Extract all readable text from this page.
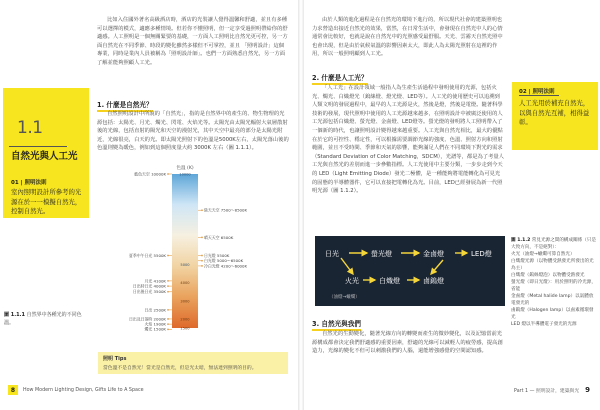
比如入住國外著名高級酒店時，酒店的光裝讓人覺得溫馨和舒適，並且有多種可以選擇的模式，適應多種情境。但若你不懂照明，但一定享受過照明帶給你的舒適感。人工照明是一個無關緊要的基礎，一方面人工照明比自然光更可控，另一方面自然光在不同季節、時段的變化雖然多樣但不可掌控，並且 「照明設計」這個專業，同時是業內人員被稱為「照明設計師」。也們一方面熟悉自然光，另一方面了解並能夠照顧人工光。

1.1
自然光與人工光
01 | 照明法則
室內照明設計所參考的光源在於一一模擬自然光，控制自然光。
1. 什麼是自然光？

自然照明設計中所說的「自然光」，指的是自然界中的產生的、物生物理的光源包括：太陽光、月光、燭光、閃電、火焰光等。太陽光由太陽光輻射大氣層散射後的光線，包括直射的陽光和天空的漫射光，其中天空中最亮的部分是太陽光附近，光線很亮，白天的光。即太陽光照射下的色溫是5000K左右，太陽光落山後的色溫則變為暖色，例如到這個照度量大約 3000K 左右（圖 1.1.1）。

色溫 (K)
10000
5000
4000
3000
2000
1500
藍色天空 10000K
夏季中午日光 5500K
月光 4100K
日出時日光 4000K
日出後日光 3500K
日出 2500K
日出及日落時 2000K
火焰 1900K
燭光 1500K
陰天天空 7500～8500K
晴天天空 6500K
日光燈 5500K
白光燈 5000～6500K
冷白光燈 4200～6000K
圖 1.1.1 自然界中各種光的不同色溫。
照明 Tips
當色溫不是自然光！當光是自然光，但是光太暗，無法達到照明的目的。
8	How Modern Lighting Design, Gifts Life to A Space

由於人類的進化過程是在自然光的環境下進行的，所以現代社會的建築照明也力求營造出接近自然光的效果，當然，在日常生活中，會發現在自然光中人的心情通常會比較好，也就是說在自然光中的光照感受最舒服。天光、雲霧天自然光照中也會出現，但是由於氣候氣溫的影響因素太大，即此人為太陽光照射在這裡的作用，所以一般照明顧到人工光。

2. 什麼是人工光？

「人工光」在設計領域一般指人為生產生活過程中發明使用的光源，包括火光、燭光、白熾燈光（鎢絲燈、燈光燈、LED等）。人工光的使用歷史可以追溯到人類文明的發展過程中，最早的人工光源是火，然後是燈，然後是電燈。隨著科學技術的發展，現代照明中使用的人工光源越來越多，在照明設計中被廣泛使用的人工光源包括白熾燈、螢光燈、金鹵燈、LED燈等。螢光燈的發明將人工照明帶入了一個新的時代，也讓照明設計變得越來越重要。人工光與自然光相比，最大的優點在於它的可控性、穩定性，可以根據需要調節光線的強度、色溫、照射方向和照射範圍，並且不受時間、季節和天氣的影響，能夠滿足人們在不同環境下對光的需求（Standard Deviation of Color Matching，SDCM），光譜等，都是為了考量人工光與自然光的差別而進一步參數指標。人工光使用中主要分類，一步步走到今天的 LED（Light Emitting Diode）發光二極體，是一種能夠將電能轉化為可見光的固態的半導體器件，它可以直接把電轉化為光。目前，LED已經發展為新一代照明光源（圖 1.1.2）。

02 | 照明法則
人工光用於補充自然光，以與自然光互補，相得益彰。
日光	螢光燈	金鹵燈	LED燈
火光	白熾燈	鹵鎢燈
（油燈→蠟燭）
圖 1.1.2 常見光源之間的構成關係（只是大致方向，不是絕對）：
火光（油燈→蠟燭可算自然光）
白熾燈光源（以物體受熱發光所發出的光為主）
白熾燈（鎢絲燈泡）以物體受熱發光
螢光燈（即日光燈）：用於照明的冷光源，省能
金鹵燈（Metal halide lamp）以氣體放電發光的
鹵鎢燈（Halogen lamp）以鹵素循環發光
LED 燈以半導體電子發光的光源
3. 自然光與我們

自然光的生動變化，隨著光線方向的轉變而產生的微妙變化，以及記憶當前光源構成都會決定我們舒適感的重要因素，舒適的光線可以減輕人的疲勞感，提高創造力，光線的變化不但可以刺激我們的人腦，還能增強感覺的空間認知感。

Part 1 — 照明設計，建築與光 9
